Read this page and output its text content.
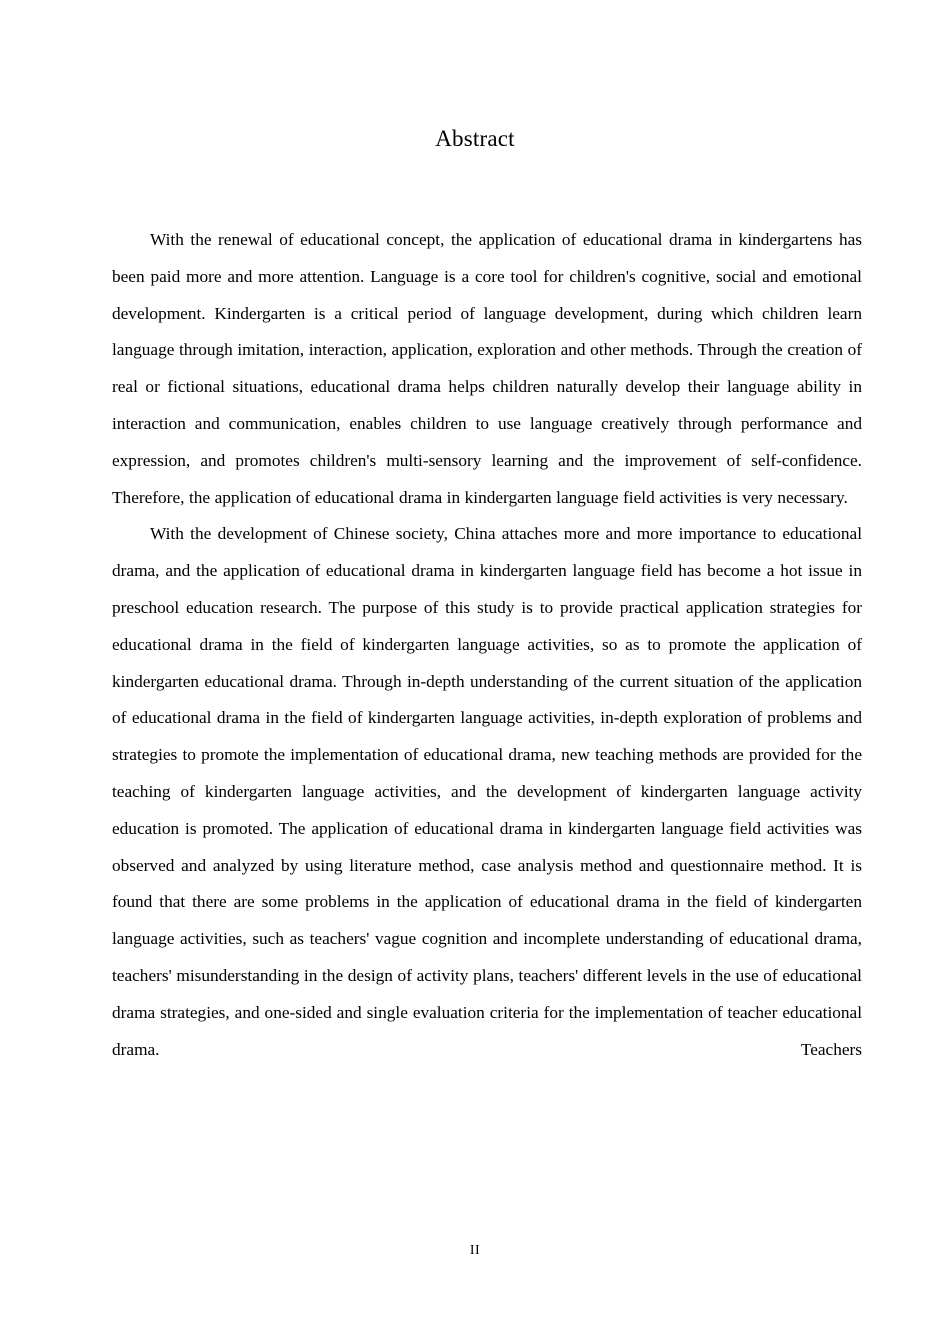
Abstract

With the renewal of educational concept, the application of educational drama in kindergartens has been paid more and more attention. Language is a core tool for children's cognitive, social and emotional development. Kindergarten is a critical period of language development, during which children learn language through imitation, interaction, application, exploration and other methods. Through the creation of real or fictional situations, educational drama helps children naturally develop their language ability in interaction and communication, enables children to use language creatively through performance and expression, and promotes children's multi-sensory learning and the improvement of self-confidence. Therefore, the application of educational drama in kindergarten language field activities is very necessary.

With the development of Chinese society, China attaches more and more importance to educational drama, and the application of educational drama in kindergarten language field has become a hot issue in preschool education research. The purpose of this study is to provide practical application strategies for educational drama in the field of kindergarten language activities, so as to promote the application of kindergarten educational drama. Through in-depth understanding of the current situation of the application of educational drama in the field of kindergarten language activities, in-depth exploration of problems and strategies to promote the implementation of educational drama, new teaching methods are provided for the teaching of kindergarten language activities, and the development of kindergarten language activity education is promoted. The application of educational drama in kindergarten language field activities was observed and analyzed by using literature method, case analysis method and questionnaire method. It is found that there are some problems in the application of educational drama in the field of kindergarten language activities, such as teachers' vague cognition and incomplete understanding of educational drama, teachers' misunderstanding in the design of activity plans, teachers' different levels in the use of educational drama strategies, and one-sided and single evaluation criteria for the implementation of teacher educational drama. Teachers

II
